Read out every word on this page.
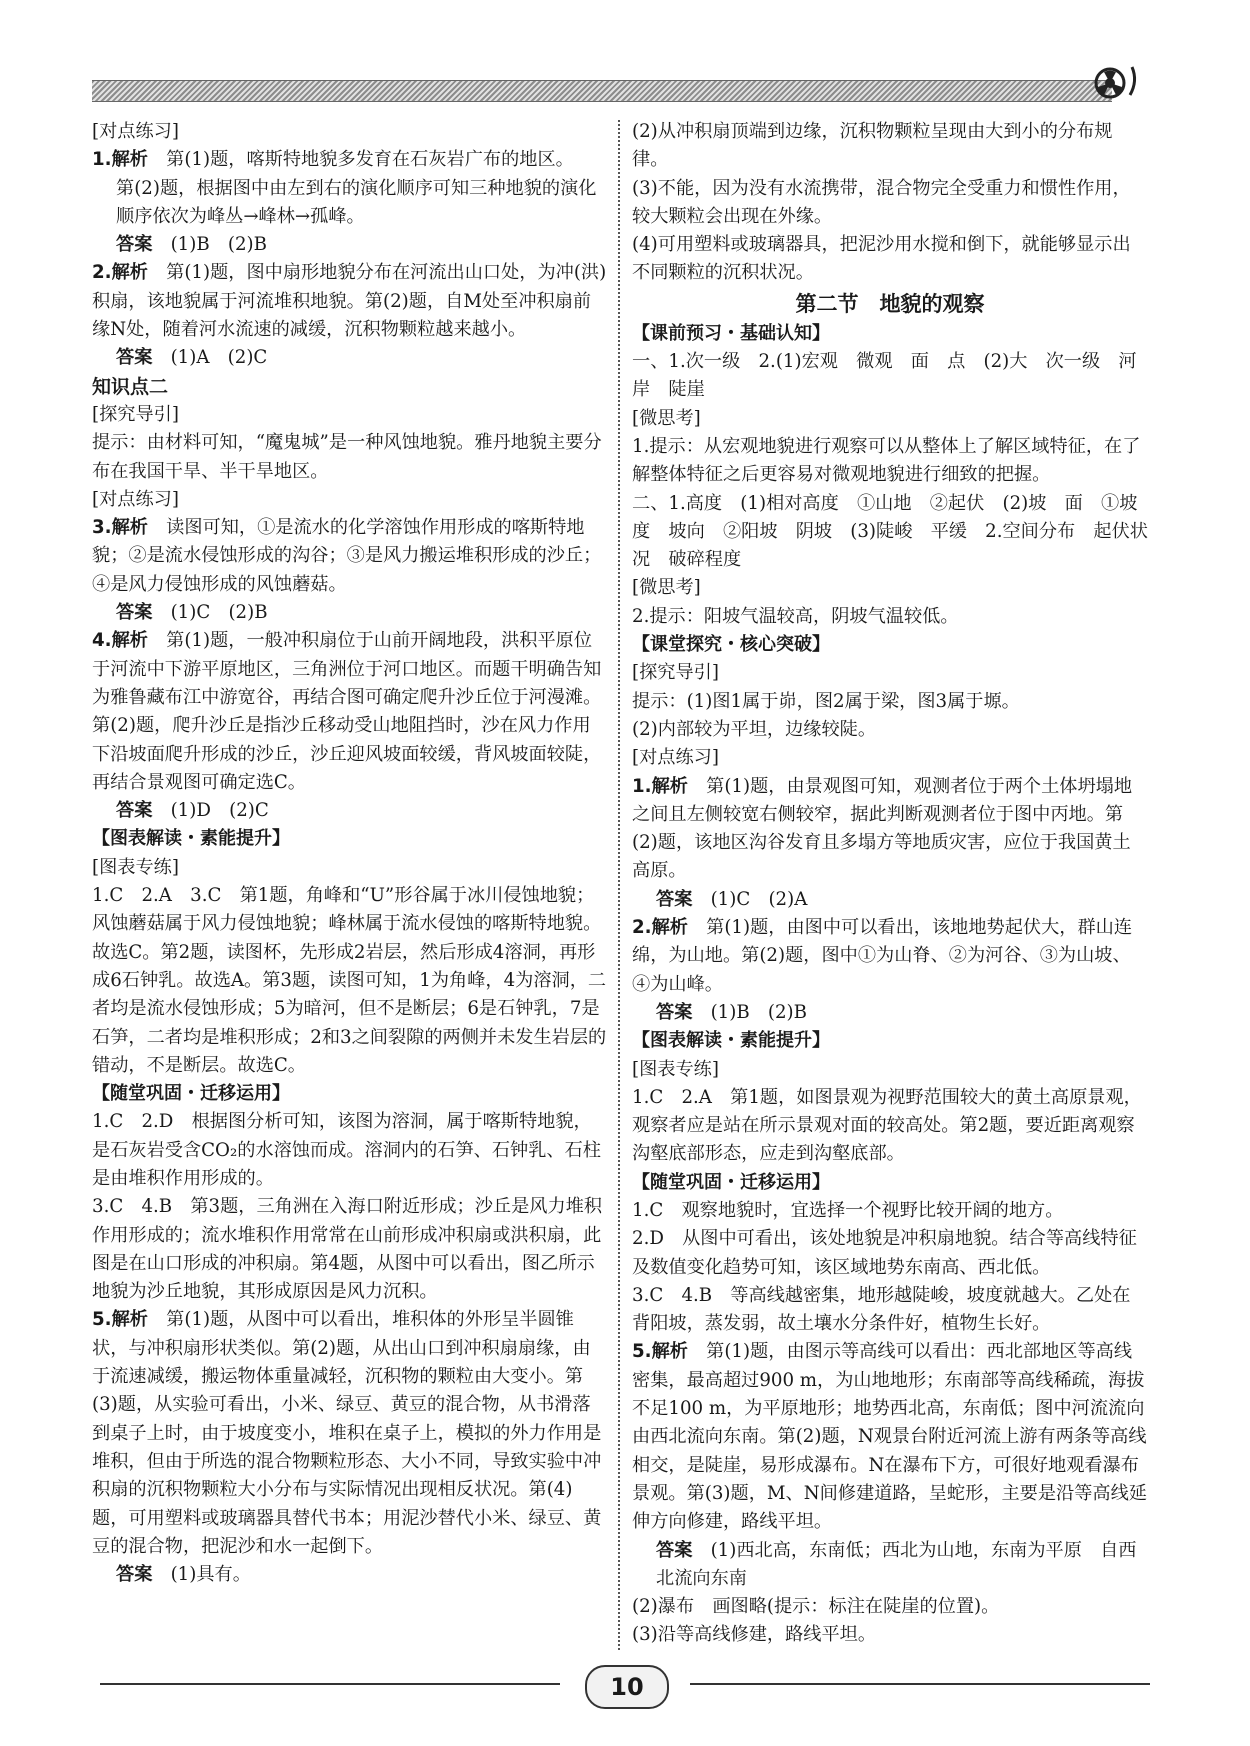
[对点练习]

1.解析　第(1)题，喀斯特地貌多发育在石灰岩广布的地区。

第(2)题，根据图中由左到右的演化顺序可知三种地貌的演化顺序依次为峰丛→峰林→孤峰。

答案　(1)B　(2)B

2.解析　第(1)题，图中扇形地貌分布在河流出山口处，为冲(洪)积扇，该地貌属于河流堆积地貌。第(2)题，自M处至冲积扇前缘N处，随着河水流速的减缓，沉积物颗粒越来越小。

答案　(1)A　(2)C

知识点二

[探究导引]

提示：由材料可知，“魔鬼城”是一种风蚀地貌。雅丹地貌主要分布在我国干旱、半干旱地区。

[对点练习]

3.解析　读图可知，①是流水的化学溶蚀作用形成的喀斯特地貌；②是流水侵蚀形成的沟谷；③是风力搬运堆积形成的沙丘；④是风力侵蚀形成的风蚀蘑菇。

答案　(1)C　(2)B

4.解析　第(1)题，一般冲积扇位于山前开阔地段，洪积平原位于河流中下游平原地区，三角洲位于河口地区。而题干明确告知为雅鲁藏布江中游宽谷，再结合图可确定爬升沙丘位于河漫滩。第(2)题，爬升沙丘是指沙丘移动受山地阻挡时，沙在风力作用下沿坡面爬升形成的沙丘，沙丘迎风坡面较缓，背风坡面较陡，再结合景观图可确定选C。

答案　(1)D　(2)C

【图表解读・素能提升】

[图表专练]

1.C　2.A　3.C　第1题，角峰和“U”形谷属于冰川侵蚀地貌；风蚀蘑菇属于风力侵蚀地貌；峰林属于流水侵蚀的喀斯特地貌。故选C。第2题，读图杯，先形成2岩层，然后形成4溶洞，再形成6石钟乳。故选A。第3题，读图可知，1为角峰，4为溶洞，二者均是流水侵蚀形成；5为暗河，但不是断层；6是石钟乳，7是石笋，二者均是堆积形成；2和3之间裂隙的两侧并未发生岩层的错动，不是断层。故选C。

【随堂巩固・迁移运用】

1.C　2.D　根据图分析可知，该图为溶洞，属于喀斯特地貌，是石灰岩受含CO₂的水溶蚀而成。溶洞内的石笋、石钟乳、石柱是由堆积作用形成的。

3.C　4.B　第3题，三角洲在入海口附近形成；沙丘是风力堆积作用形成的；流水堆积作用常常在山前形成冲积扇或洪积扇，此图是在山口形成的冲积扇。第4题，从图中可以看出，图乙所示地貌为沙丘地貌，其形成原因是风力沉积。

5.解析　第(1)题，从图中可以看出，堆积体的外形呈半圆锥状，与冲积扇形状类似。第(2)题，从出山口到冲积扇扇缘，由于流速减缓，搬运物体重量减轻，沉积物的颗粒由大变小。第(3)题，从实验可看出，小米、绿豆、黄豆的混合物，从书滑落到桌子上时，由于坡度变小，堆积在桌子上，模拟的外力作用是堆积，但由于所选的混合物颗粒形态、大小不同，导致实验中冲积扇的沉积物颗粒大小分布与实际情况出现相反状况。第(4)题，可用塑料或玻璃器具替代书本；用泥沙替代小米、绿豆、黄豆的混合物，把泥沙和水一起倒下。

答案　(1)具有。

(2)从冲积扇顶端到边缘，沉积物颗粒呈现由大到小的分布规律。

(3)不能，因为没有水流携带，混合物完全受重力和惯性作用，较大颗粒会出现在外缘。

(4)可用塑料或玻璃器具，把泥沙用水搅和倒下，就能够显示出不同颗粒的沉积状况。

第二节　地貌的观察

【课前预习・基础认知】

一、1.次一级　2.(1)宏观　微观　面　点　(2)大　次一级　河岸　陡崖

[微思考]

1.提示：从宏观地貌进行观察可以从整体上了解区域特征，在了解整体特征之后更容易对微观地貌进行细致的把握。

二、1.高度　(1)相对高度　①山地　②起伏　(2)坡　面　①坡度　坡向　②阳坡　阴坡　(3)陡峻　平缓　2.空间分布　起伏状况　破碎程度

[微思考]

2.提示：阳坡气温较高，阴坡气温较低。

【课堂探究・核心突破】

[探究导引]

提示：(1)图1属于峁，图2属于梁，图3属于塬。

(2)内部较为平坦，边缘较陡。

[对点练习]

1.解析　第(1)题，由景观图可知，观测者位于两个土体坍塌地之间且左侧较宽右侧较窄，据此判断观测者位于图中丙地。第(2)题，该地区沟谷发育且多塌方等地质灾害，应位于我国黄土高原。

答案　(1)C　(2)A

2.解析　第(1)题，由图中可以看出，该地地势起伏大，群山连绵，为山地。第(2)题，图中①为山脊、②为河谷、③为山坡、④为山峰。

答案　(1)B　(2)B

【图表解读・素能提升】

[图表专练]

1.C　2.A　第1题，如图景观为视野范围较大的黄土高原景观，观察者应是站在所示景观对面的较高处。第2题，要近距离观察沟壑底部形态，应走到沟壑底部。

【随堂巩固・迁移运用】

1.C　观察地貌时，宜选择一个视野比较开阔的地方。

2.D　从图中可看出，该处地貌是冲积扇地貌。结合等高线特征及数值变化趋势可知，该区域地势东南高、西北低。

3.C　4.B　等高线越密集，地形越陡峻，坡度就越大。乙处在背阳坡，蒸发弱，故土壤水分条件好，植物生长好。

5.解析　第(1)题，由图示等高线可以看出：西北部地区等高线密集，最高超过900 m，为山地地形；东南部等高线稀疏，海拔不足100 m，为平原地形；地势西北高，东南低；图中河流流向由西北流向东南。第(2)题，N观景台附近河流上游有两条等高线相交，是陡崖，易形成瀑布。N在瀑布下方，可很好地观看瀑布景观。第(3)题，M、N间修建道路，呈蛇形，主要是沿等高线延伸方向修建，路线平坦。

答案　(1)西北高，东南低；西北为山地，东南为平原　自西北流向东南

(2)瀑布　画图略(提示：标注在陡崖的位置)。

(3)沿等高线修建，路线平坦。

10
